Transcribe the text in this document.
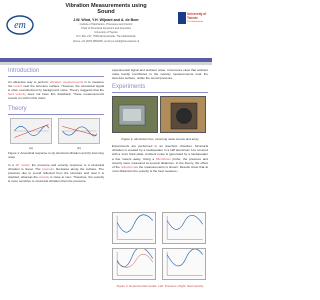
em
Vibration Measurements using
Sound
J.W. Wind, Y.H. Wijnant and A. de Boer
Institute of Mechanics, Processes and Control
Chair of Structural Dynamics and Acoustics
University of Twente
P.O. Box 217, 7500 AE Enschede, The Netherlands
phone +31 (0)53 4894600, email j.w.wind@ctw.utwente.nl
University of Twente
The Netherlands
Introduction

An attractive way to perform vibration measurements is to measure the sound near the structure surface. However, the acoustical signal is often overwhelmed by background noise. Theory suggests that the field velocity does not have this drawback. These measurements results to confirm this claim.

Theory
(a)	(b)

Figure 1: Acoustical response to (a) structural vibration and (b) incoming noise

In a 1D model, the pressure and velocity response to a structural vibration is linear. The pressure fluctuates along the surface. The pressure due to sound reflected from the structure and near it is doubled, whereas the velocity is close to zero. Therefore, the velocity is more sensitive to structural vibration than the pressure.

experimental signal and ambient noise, it becomes clear that ambient noise hardly contributes to the velocity measurements near the structure surface, unlike the sound pressure.

Experiments

Figure 2: aluminium box, incoming noise source and array

Experiments are performed in an anechoic chamber. Structural vibration is created by a loudspeaker in a stiff aluminium box covered with a 1mm thick plate. Ambient noise is generated by a loudspeaker a few meters away. Using a Microflown probe, the pressure and velocity were measured at several distances. In the theory, the effect of the reflection on the measurements is shown. Results show that at most distances the velocity is the best measure...

Figure 3: Experimental results. Left: Pressure, Right: fluid velocity
